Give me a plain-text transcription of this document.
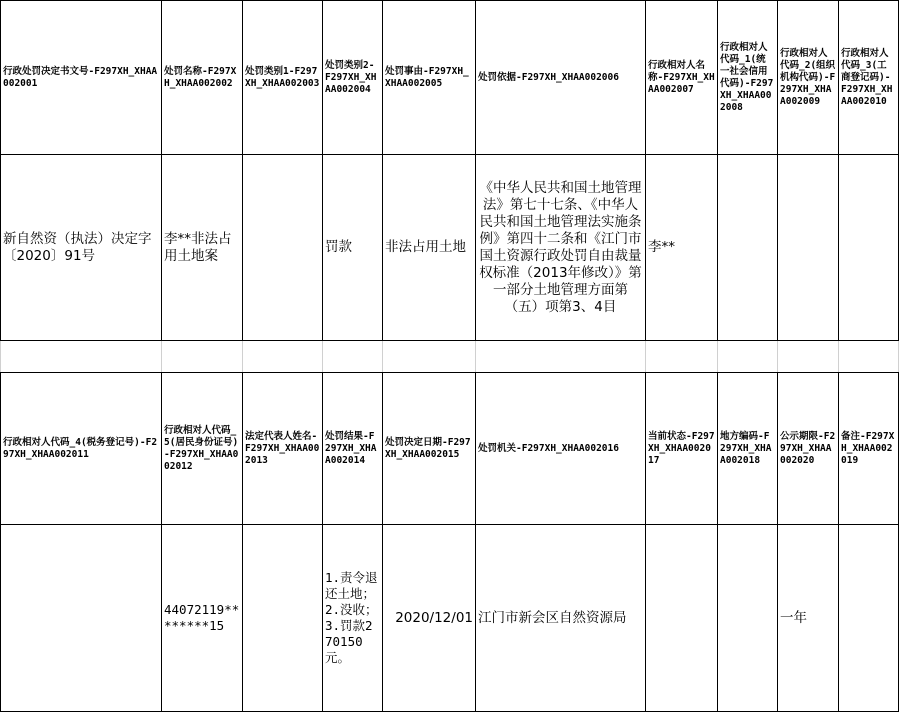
行政处罚决定书文号-F297XH_XHAA002001	处罚名称-F297XH_XHAA002002	处罚类别1-F297XH_XHAA002003	处罚类别2-F297XH_XHAA002004	处罚事由-F297XH_XHAA002005	处罚依据-F297XH_XHAA002006	行政相对人名称-F297XH_XHAA002007	行政相对人代码_1(统一社会信用代码)-F297XH_XHAA002008	行政相对人代码_2(组织机构代码)-F297XH_XHAA002009	行政相对人代码_3(工商登记码)-F297XH_XHAA002010
新自然资（执法）决定字〔2020〕91号	李**非法占用土地案		罚款	非法占用土地	《中华人民共和国土地管理法》第七十七条、《中华人民共和国土地管理法实施条例》第四十二条和《江门市国土资源行政处罚自由裁量权标准（2013年修改）》第一部分土地管理方面第（五）项第3、4目	李**			

行政相对人代码_4(税务登记号)-F297XH_XHAA002011	行政相对人代码_5(居民身份证号)-F297XH_XHAA002012	法定代表人姓名-F297XH_XHAA002013	处罚结果-F297XH_XHAA002014	处罚决定日期-F297XH_XHAA002015	处罚机关-F297XH_XHAA002016	当前状态-F297XH_XHAA002017	地方编码-F297XH_XHAA002018	公示期限-F297XH_XHAA002020	备注-F297XH_XHAA002019
	44072119********15		1.责令退还土地；2.没收；3.罚款270150元。	2020/12/01	江门市新会区自然资源局			一年	
